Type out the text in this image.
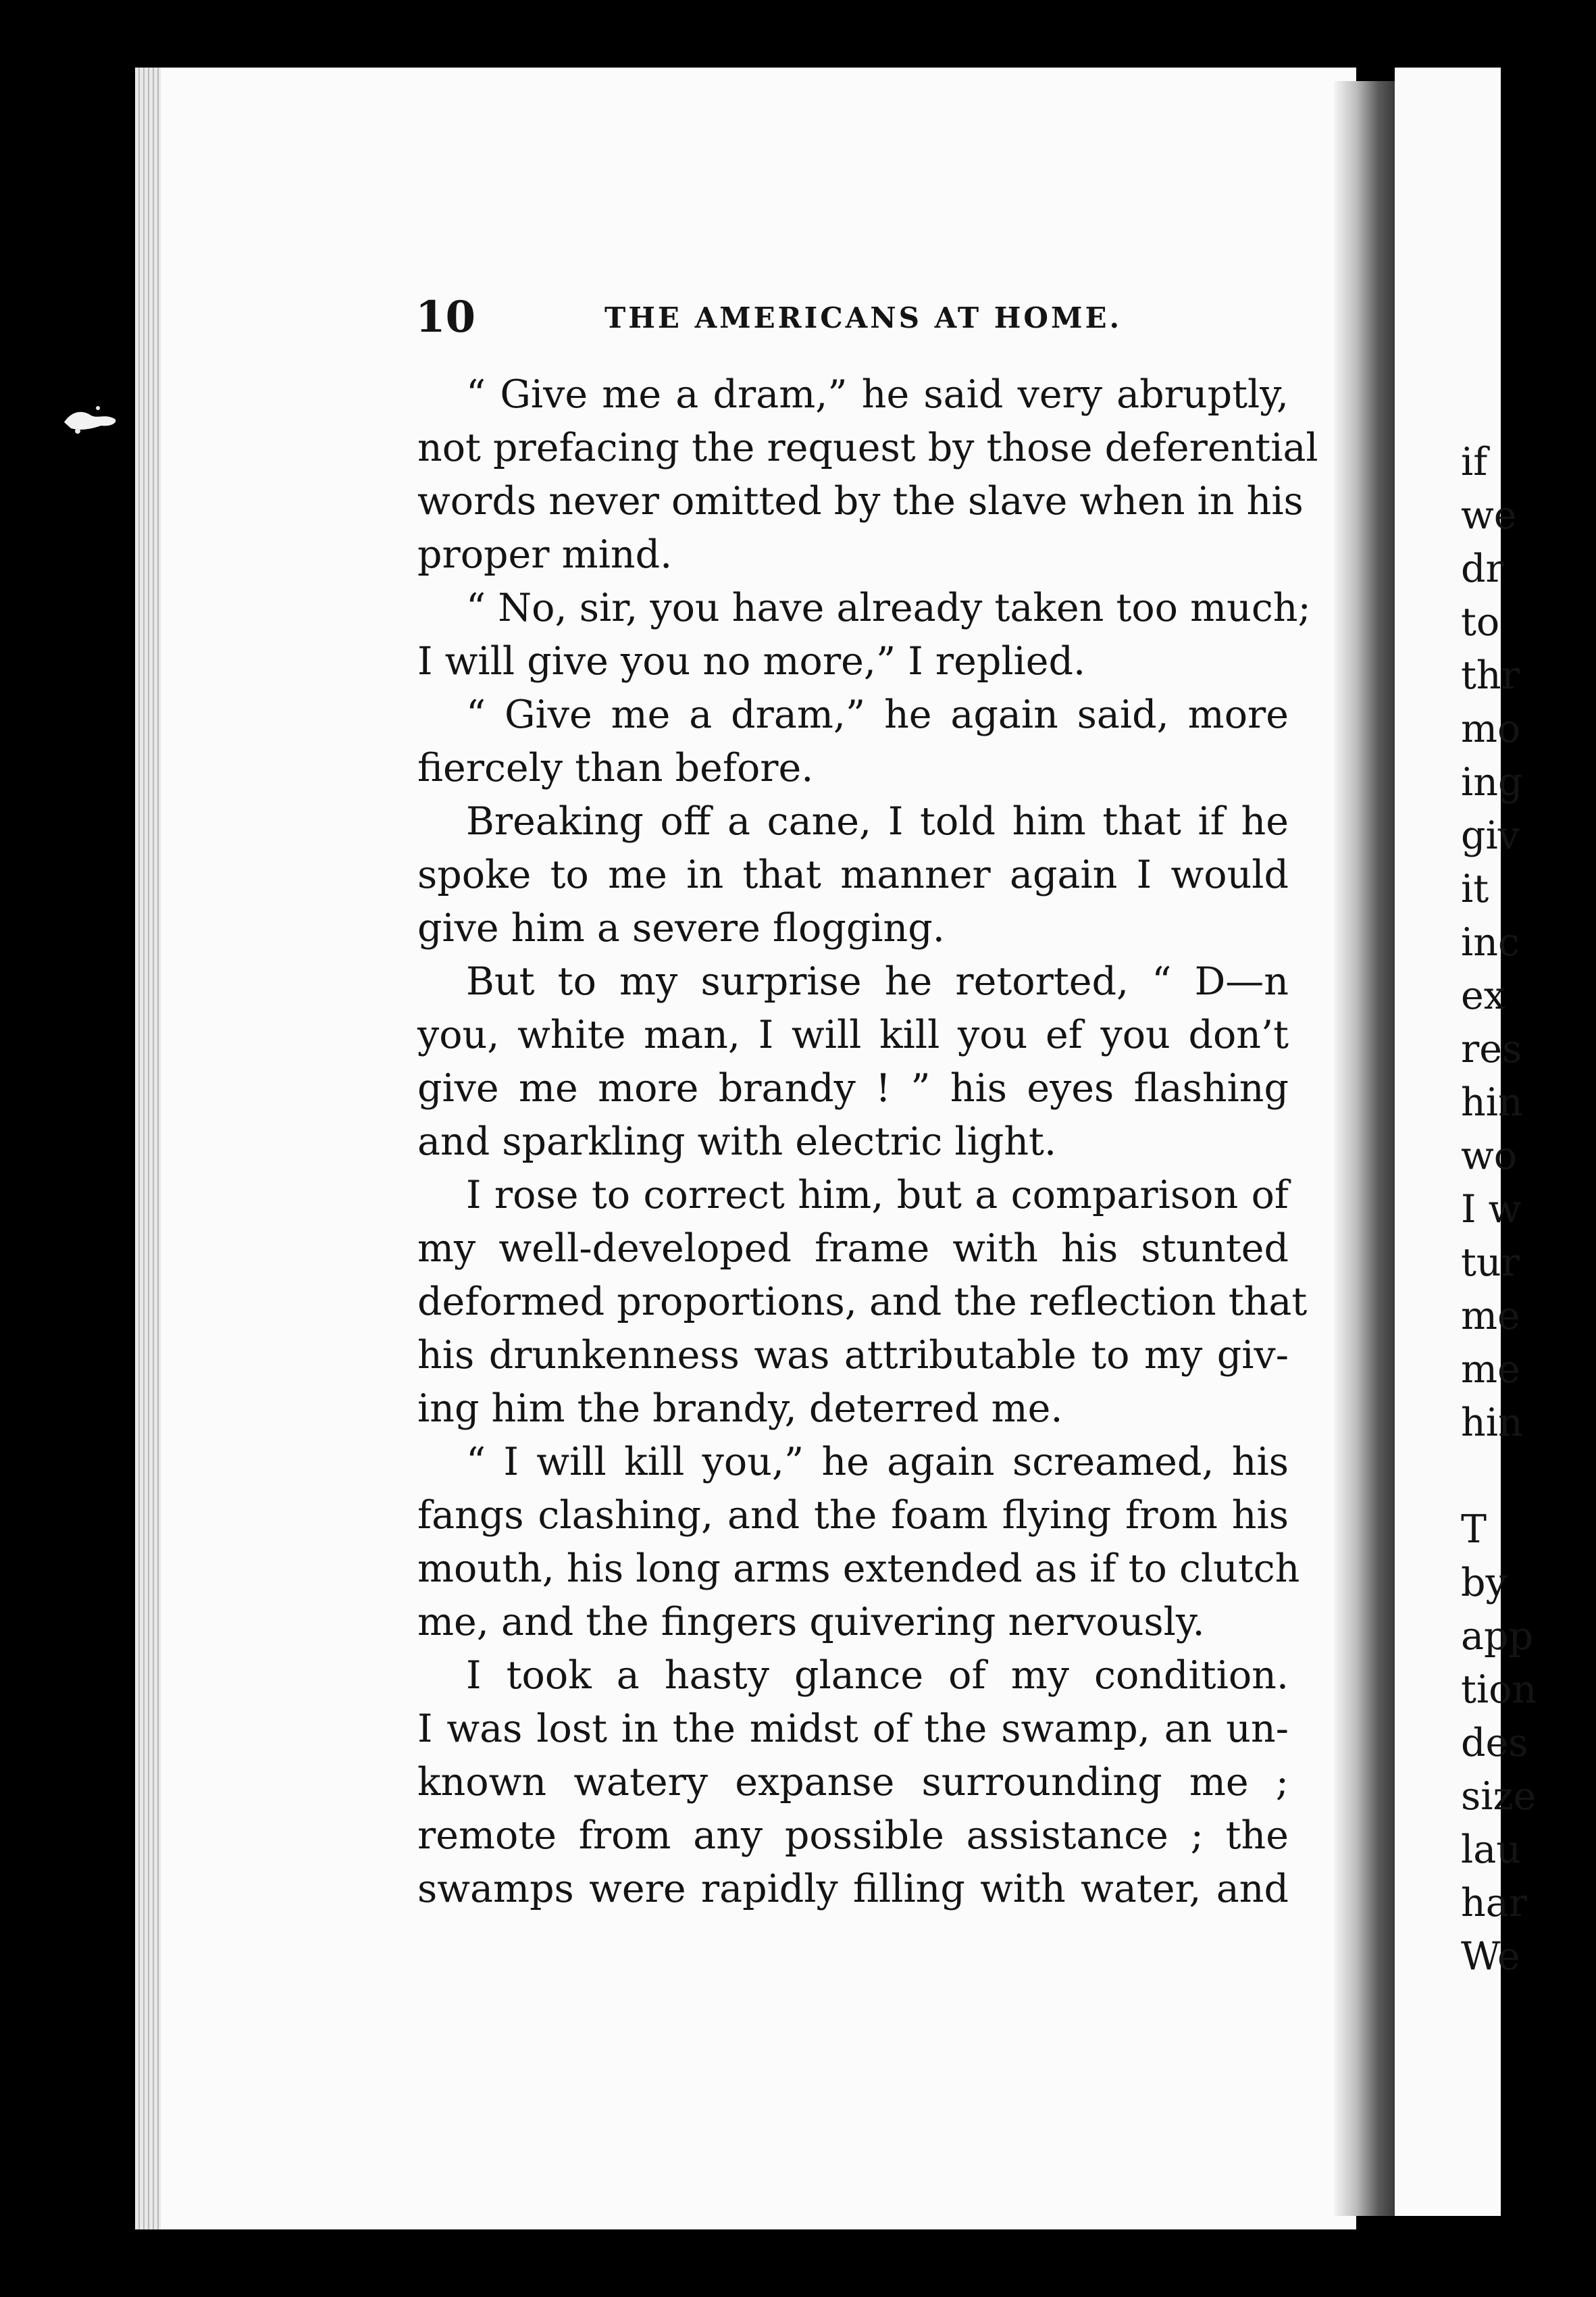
if
we
dr
to
thr
mo
ing
giv
it
inc
ex
res
hin
wo
I w
tur
me
me
hin
T
by
app
tion
des
size
lau
har
We
10	THE AMERICANS AT HOME.
“ Give me a dram,” he said very abruptly,
not prefacing the request by those deferential
words never omitted by the slave when in his
proper mind.
“ No, sir, you have already taken too much;
I will give you no more,” I replied.
“ Give me a dram,” he again said, more
fiercely than before.
Breaking off a cane, I told him that if he
spoke to me in that manner again I would
give him a severe flogging.
But to my surprise he retorted, “ D—n
you, white man, I will kill you ef you don’t
give me more brandy ! ” his eyes flashing
and sparkling with electric light.
I rose to correct him, but a comparison of
my well-developed frame with his stunted
deformed proportions, and the reflection that
his drunkenness was attributable to my giv-
ing him the brandy, deterred me.
“ I will kill you,” he again screamed, his
fangs clashing, and the foam flying from his
mouth, his long arms extended as if to clutch
me, and the fingers quivering nervously.
I took a hasty glance of my condition.
I was lost in the midst of the swamp, an un-
known watery expanse surrounding me ;
remote from any possible assistance ; the
swamps were rapidly filling with water, and
